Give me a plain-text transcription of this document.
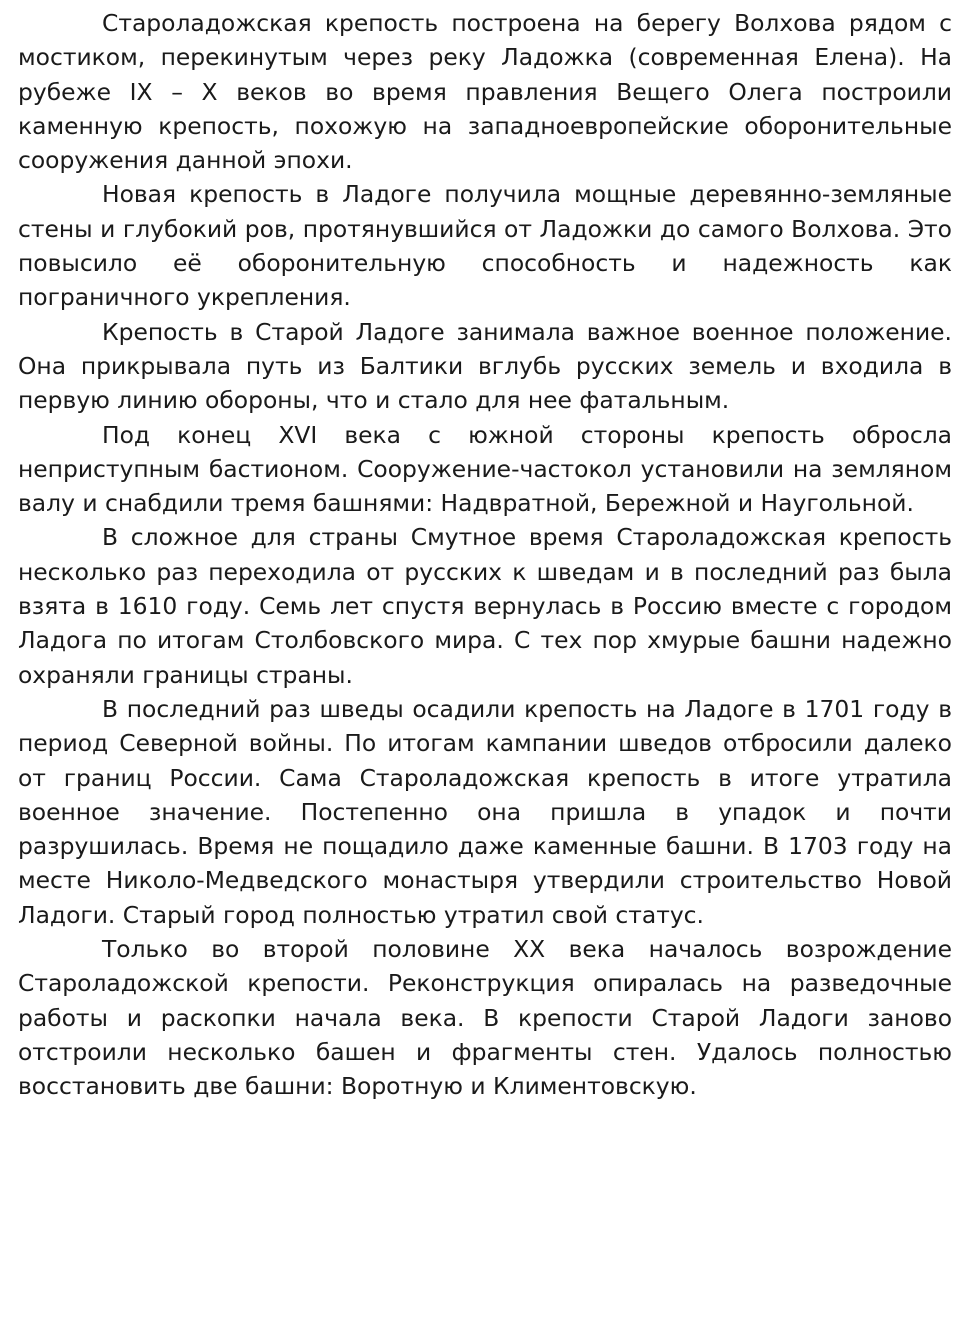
Староладожская крепость построена на берегу Волхова рядом с мостиком, перекинутым через реку Ладожка (современная Елена). На рубеже IX – X веков во время правления Вещего Олега построили каменную крепость, похожую на западноевропейские оборонительные сооружения данной эпохи.

Новая крепость в Ладоге получила мощные деревянно-земляные стены и глубокий ров, протянувшийся от Ладожки до самого Волхова. Это повысило её оборонительную способность и надежность как пограничного укрепления.

Крепость в Старой Ладоге занимала важное военное положение. Она прикрывала путь из Балтики вглубь русских земель и входила в первую линию обороны, что и стало для нее фатальным.

Под конец XVI века с южной стороны крепость обросла неприступным бастионом. Сооружение-частокол установили на земляном валу и снабдили тремя башнями: Надвратной, Бережной и Наугольной.

В сложное для страны Смутное время Староладожская крепость несколько раз переходила от русских к шведам и в последний раз была взята в 1610 году. Семь лет спустя вернулась в Россию вместе с городом Ладога по итогам Столбовского мира. С тех пор хмурые башни надежно охраняли границы страны.

В последний раз шведы осадили крепость на Ладоге в 1701 году в период Северной войны. По итогам кампании шведов отбросили далеко от границ России. Сама Староладожская крепость в итоге утратила военное значение. Постепенно она пришла в упадок и почти разрушилась. Время не пощадило даже каменные башни. В 1703 году на месте Николо-Медведского монастыря утвердили строительство Новой Ладоги. Старый город полностью утратил свой статус.

Только во второй половине XX века началось возрождение Староладожской крепости. Реконструкция опиралась на разведочные работы и раскопки начала века. В крепости Старой Ладоги заново отстроили несколько башен и фрагменты стен. Удалось полностью восстановить две башни: Воротную и Климентовскую.
